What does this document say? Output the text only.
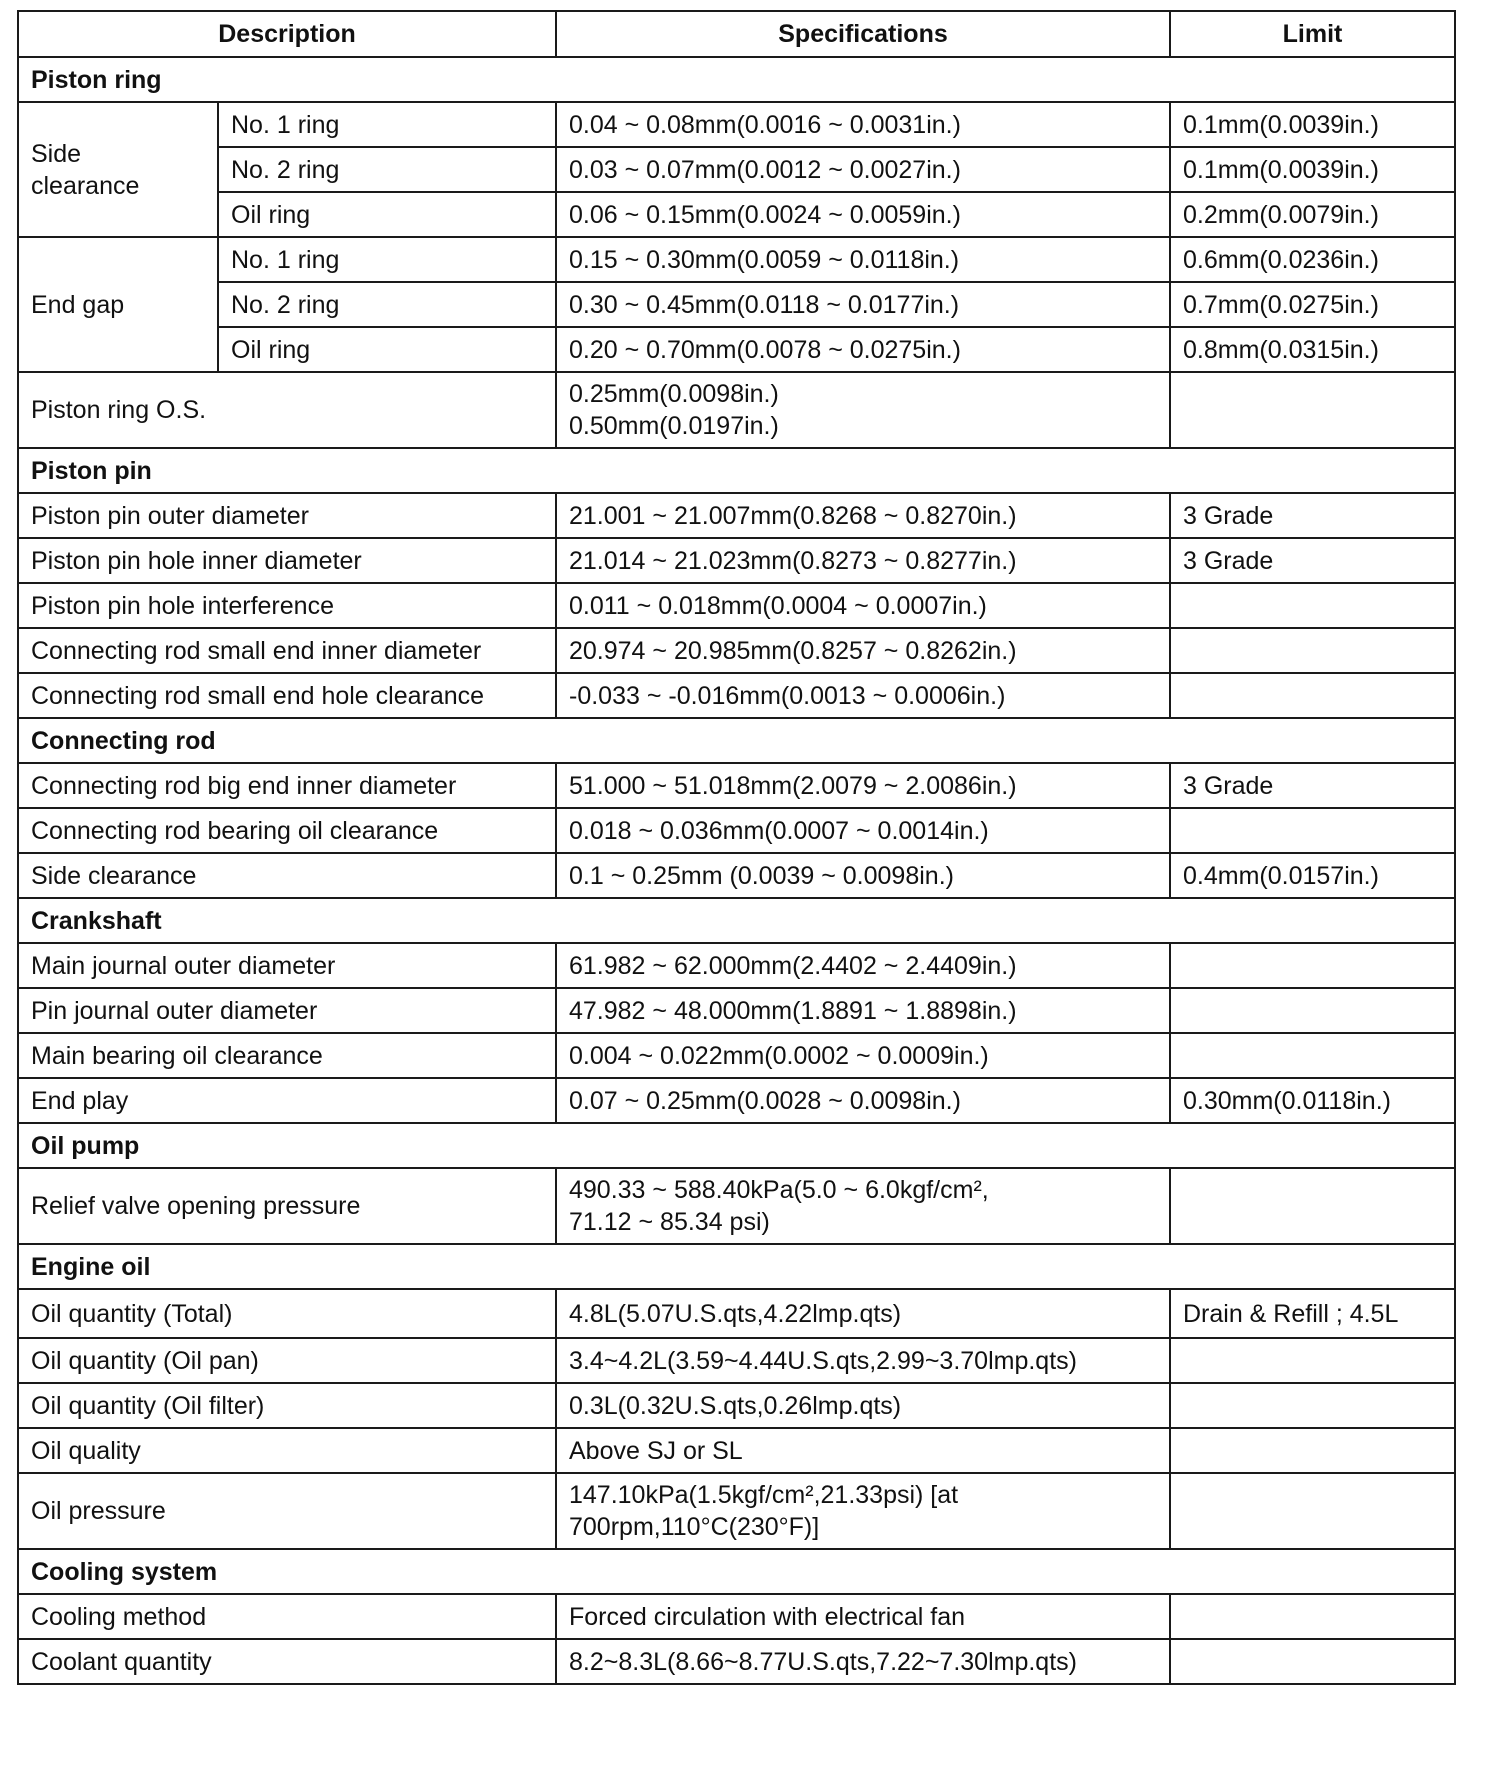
Description		Specifications	Limit
Piston ring			
Side
clearance	No. 1 ring	0.04 ~ 0.08mm(0.0016 ~ 0.0031in.)	0.1mm(0.0039in.)
	No. 2 ring	0.03 ~ 0.07mm(0.0012 ~ 0.0027in.)	0.1mm(0.0039in.)
	Oil ring	0.06 ~ 0.15mm(0.0024 ~ 0.0059in.)	0.2mm(0.0079in.)
End gap	No. 1 ring	0.15 ~ 0.30mm(0.0059 ~ 0.0118in.)	0.6mm(0.0236in.)
	No. 2 ring	0.30 ~ 0.45mm(0.0118 ~ 0.0177in.)	0.7mm(0.0275in.)
	Oil ring	0.20 ~ 0.70mm(0.0078 ~ 0.0275in.)	0.8mm(0.0315in.)
Piston ring O.S.		0.25mm(0.0098in.)
0.50mm(0.0197in.)	
Piston pin			
Piston pin outer diameter		21.001 ~ 21.007mm(0.8268 ~ 0.8270in.)	3 Grade
Piston pin hole inner diameter		21.014 ~ 21.023mm(0.8273 ~ 0.8277in.)	3 Grade
Piston pin hole interference		0.011 ~ 0.018mm(0.0004 ~ 0.0007in.)	
Connecting rod small end inner diameter		20.974 ~ 20.985mm(0.8257 ~ 0.8262in.)	
Connecting rod small end hole clearance		-0.033 ~ -0.016mm(0.0013 ~ 0.0006in.)	
Connecting rod			
Connecting rod big end inner diameter		51.000 ~ 51.018mm(2.0079 ~ 2.0086in.)	3 Grade
Connecting rod bearing oil clearance		0.018 ~ 0.036mm(0.0007 ~ 0.0014in.)	
Side clearance		0.1 ~ 0.25mm (0.0039 ~ 0.0098in.)	0.4mm(0.0157in.)
Crankshaft			
Main journal outer diameter		61.982 ~ 62.000mm(2.4402 ~ 2.4409in.)	
Pin journal outer diameter		47.982 ~ 48.000mm(1.8891 ~ 1.8898in.)	
Main bearing oil clearance		0.004 ~ 0.022mm(0.0002 ~ 0.0009in.)	
End play		0.07 ~ 0.25mm(0.0028 ~ 0.0098in.)	0.30mm(0.0118in.)
Oil pump			
Relief valve opening pressure		490.33 ~ 588.40kPa(5.0 ~ 6.0kgf/cm²,
71.12 ~ 85.34 psi)	
Engine oil			
Oil quantity (Total)		4.8L(5.07U.S.qts,4.22lmp.qts)	Drain & Refill ; 4.5L
Oil quantity (Oil pan)		3.4~4.2L(3.59~4.44U.S.qts,2.99~3.70lmp.qts)	
Oil quantity (Oil filter)		0.3L(0.32U.S.qts,0.26lmp.qts)	
Oil quality		Above SJ or SL	
Oil pressure		147.10kPa(1.5kgf/cm²,21.33psi) [at
700rpm,110°C(230°F)]	
Cooling system			
Cooling method		Forced circulation with electrical fan	
Coolant quantity		8.2~8.3L(8.66~8.77U.S.qts,7.22~7.30lmp.qts)	
